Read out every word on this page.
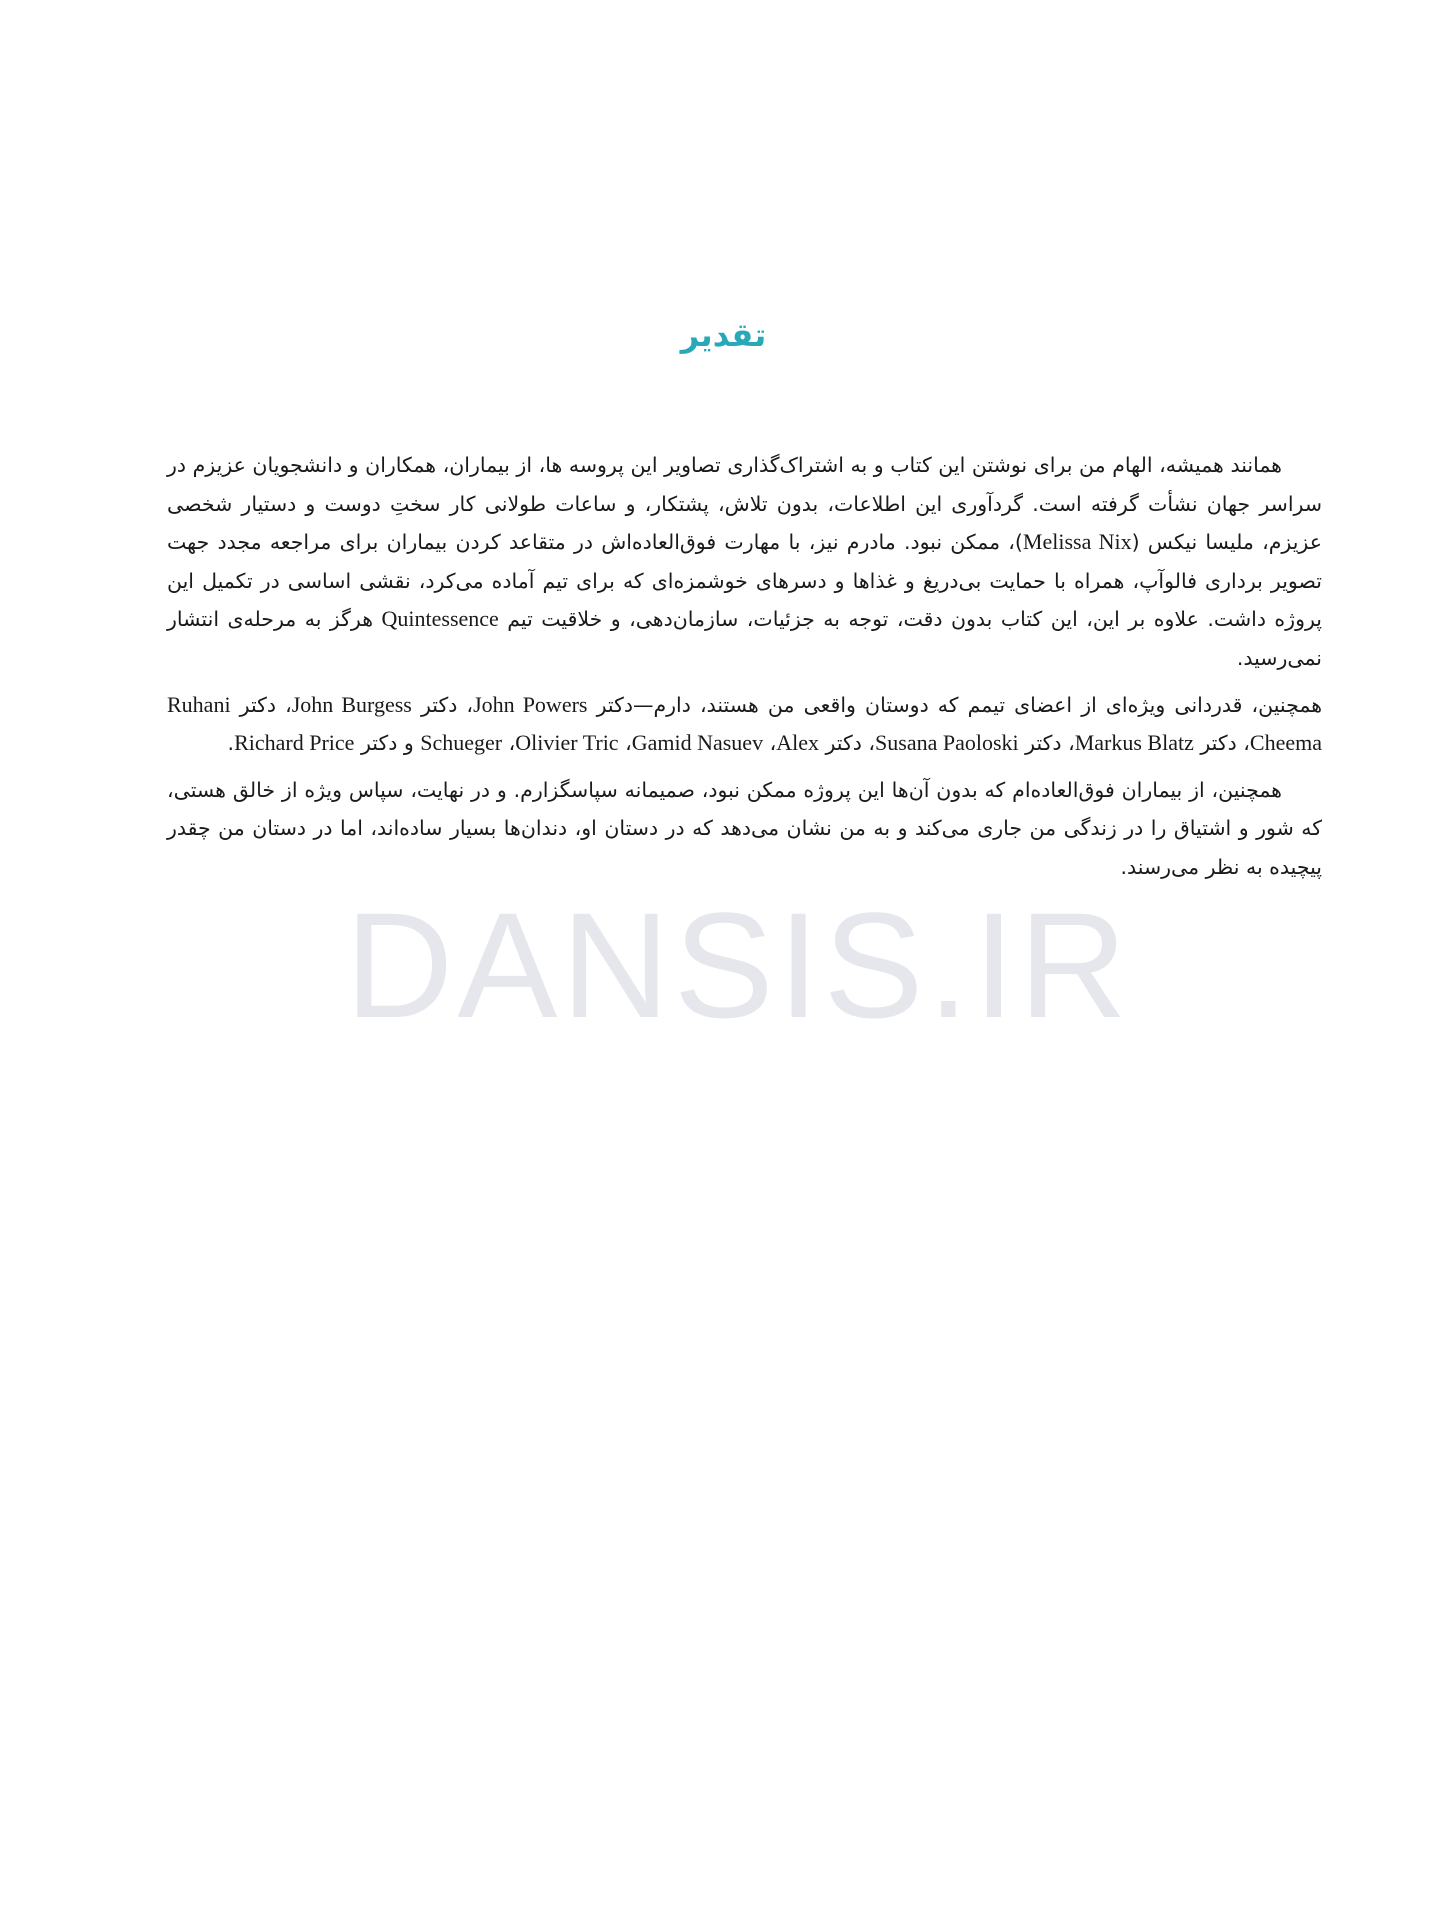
DANSIS.IR
تقدیر

همانند همیشه، الهام من برای نوشتن این کتاب و به اشتراک‌گذاری تصاویر این پروسه ها، از بیماران، همکاران و دانشجویان عزیزم در سراسر جهان نشأت گرفته است. گردآوری این اطلاعات، بدون تلاش، پشتکار، و ساعات طولانی کار سختِ دوست و دستیار شخصی عزیزم، ملیسا نیکس (Melissa Nix)، ممکن نبود. مادرم نیز، با مهارت فوق‌العاده‌اش در متقاعد کردن بیماران برای مراجعه مجدد جهت تصویر برداری فالوآپ، همراه با حمایت بی‌دریغ و غذاها و دسرهای خوشمزه‌ای که برای تیم آماده می‌کرد، نقشی اساسی در تکمیل این پروژه داشت. علاوه بر این، این کتاب بدون دقت، توجه به جزئیات، سازمان‌دهی، و خلاقیت تیم Quintessence هرگز به مرحله‌ی انتشار نمی‌رسید.

همچنین، قدردانی ویژه‌ای از اعضای تیمم که دوستان واقعی من هستند، دارم—دکتر John Powers، دکتر John Burgess، دکتر Ruhani Cheema، دکتر Markus Blatz، دکتر Susana Paoloski، دکتر Alex، Gamid Nasuev، Olivier Tric، Schueger و دکتر Richard Price.

همچنین، از بیماران فوق‌العاده‌ام که بدون آن‌ها این پروژه ممکن نبود، صمیمانه سپاسگزارم. و در نهایت، سپاس ویژه از خالق هستی، که شور و اشتیاق را در زندگی من جاری می‌کند و به من نشان می‌دهد که در دستان او، دندان‌ها بسیار ساده‌اند، اما در دستان من چقدر پیچیده به نظر می‌رسند.
